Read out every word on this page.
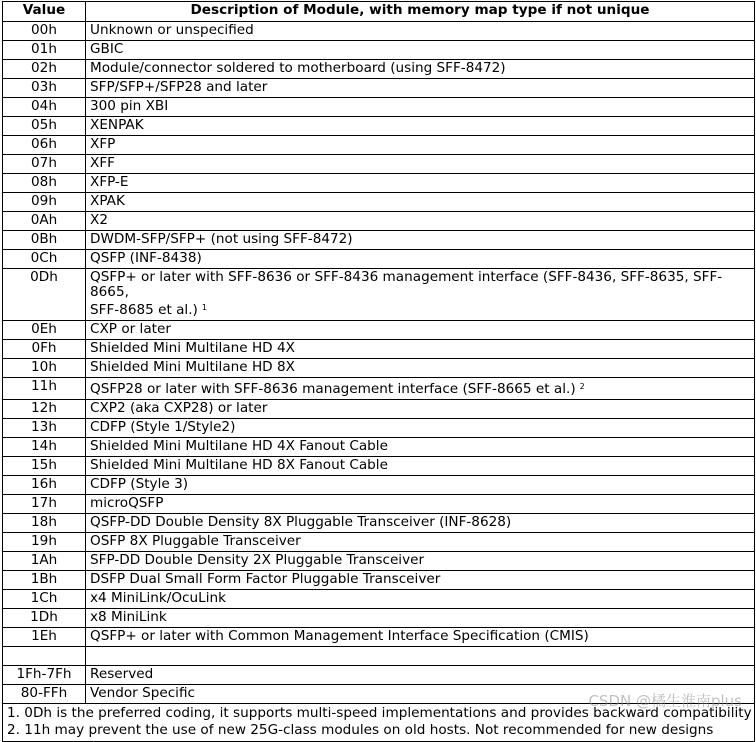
Value	Description of Module, with memory map type if not unique
00h	Unknown or unspecified
01h	GBIC
02h	Module/connector soldered to motherboard (using SFF-8472)
03h	SFP/SFP+/SFP28 and later
04h	300 pin XBI
05h	XENPAK
06h	XFP
07h	XFF
08h	XFP-E
09h	XPAK
0Ah	X2
0Bh	DWDM-SFP/SFP+ (not using SFF-8472)
0Ch	QSFP (INF-8438)
0Dh	QSFP+ or later with SFF-8636 or SFF-8436 management interface (SFF-8436, SFF-8635, SFF-8665,
SFF-8685 et al.) $^1$

0Eh	CXP or later
0Fh	Shielded Mini Multilane HD 4X
10h	Shielded Mini Multilane HD 8X
11h	QSFP28 or later with SFF-8636 management interface (SFF-8665 et al.) $^2$
12h	CXP2 (aka CXP28) or later
13h	CDFP (Style 1/Style2)
14h	Shielded Mini Multilane HD 4X Fanout Cable
15h	Shielded Mini Multilane HD 8X Fanout Cable
16h	CDFP (Style 3)
17h	microQSFP
18h	QSFP-DD Double Density 8X Pluggable Transceiver (INF-8628)
19h	OSFP 8X Pluggable Transceiver
1Ah	SFP-DD Double Density 2X Pluggable Transceiver
1Bh	DSFP Dual Small Form Factor Pluggable Transceiver
1Ch	x4 MiniLink/OcuLink
1Dh	x8 MiniLink
1Eh	QSFP+ or later with Common Management Interface Specification (CMIS)

1Fh-7Fh	Reserved
80-FFh	Vendor Specific

1. 0Dh is the preferred coding, it supports multi-speed implementations and provides backward compatibility
2. 11h may prevent the use of new 25G-class modules on old hosts. Not recommended for new designs	
CSDN @橘生淮南plus
